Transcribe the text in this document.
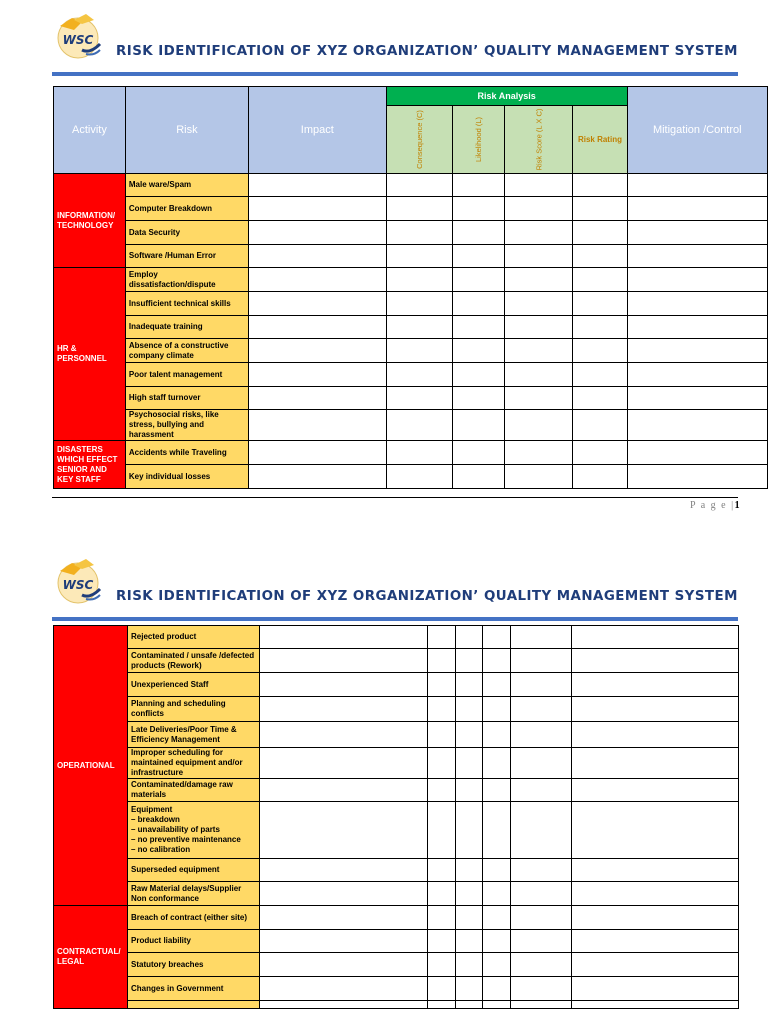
WSC
RISK IDENTIFICATION OF XYZ ORGANIZATION’ QUALITY MANAGEMENT SYSTEM
Activity	Risk	Impact	Risk Analysis				Mitigation /Control
			Consequence (C)	Likelihood (L)	Risk Score (L X C)	Risk Rating	
INFORMATION/ TECHNOLOGY	Male ware/Spam						
	Computer Breakdown						
	Data Security						
	Software /Human Error						
HR & PERSONNEL	Employ dissatisfaction/dispute						
	Insufficient technical skills						
	Inadequate training						
	Absence of a constructive company climate						
	Poor talent management						
	High staff turnover						
	Psychosocial risks, like stress, bullying and harassment						
DISASTERS WHICH EFFECT SENIOR AND KEY STAFF	Accidents while Traveling						
	Key individual losses						
P a g e |1
WSC
RISK IDENTIFICATION OF XYZ ORGANIZATION’ QUALITY MANAGEMENT SYSTEM
OPERATIONAL	Rejected product						
	Contaminated / unsafe /defected products (Rework)						
	Unexperienced Staff						
	Planning and scheduling conflicts						
	Late Deliveries/Poor Time & Efficiency Management						
	Improper scheduling for maintained equipment and/or infrastructure						
	Contaminated/damage raw materials						
	Equipment
– breakdown
– unavailability of parts
– no preventive maintenance
– no calibration						
	Superseded equipment						
	Raw Material delays/Supplier Non conformance						
CONTRACTUAL/ LEGAL	Breach of contract (either site)						
	Product liability						
	Statutory breaches						
	Changes in Government						
